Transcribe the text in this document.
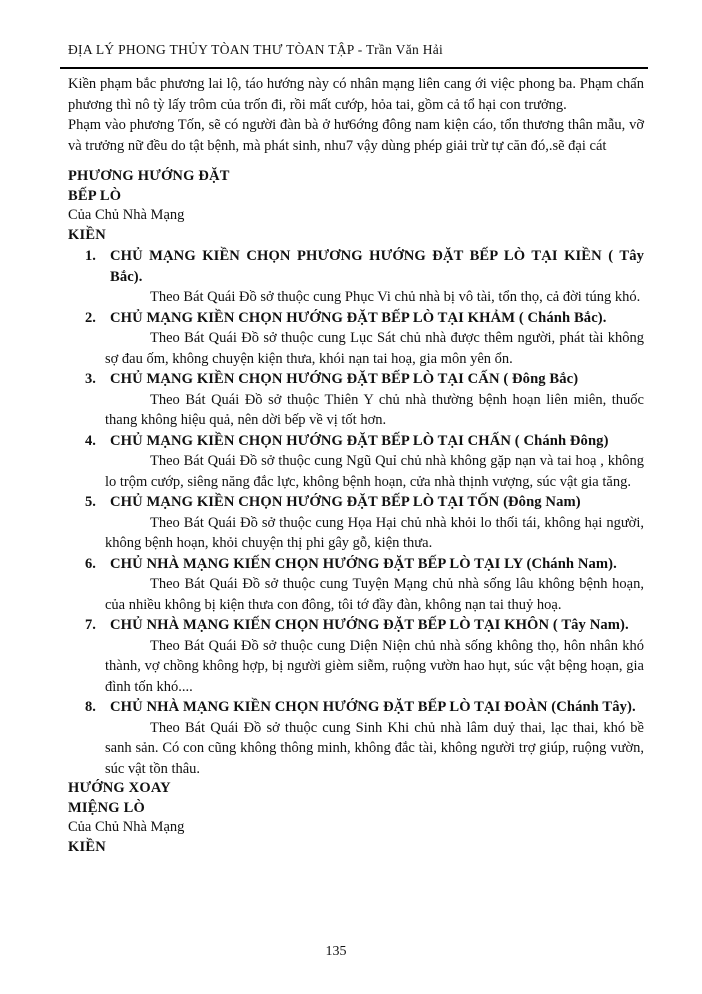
ĐỊA LÝ PHONG THỦY TÒAN THƯ TÒAN TẬP - Trần Văn Hải

Kiền phạm bắc phương lai lộ, táo hướng này có nhân mạng liên cang ới việc phong ba. Phạm chấn phương thì nô tỳ lấy trôm của trốn đi, rồi mất cướp, hỏa tai, gồm cả tổ hại con trưởng.

Phạm vào phương Tốn, sẽ có người đàn bà ở hư6ớng đông nam kiện cáo, tổn thương thân mẫu, vỡ và trưởng nữ đều do tật bệnh, mà phát sinh, nhu7 vậy dùng phép giải trừ tự căn đó,.sẽ đại cát

PHƯƠNG HƯỚNG ĐẶT
BẾP LÒ
Của Chủ Nhà Mạng
KIỀN
1. CHỦ MẠNG KIỀN CHỌN PHƯƠNG HƯỚNG ĐẶT BẾP LÒ TẠI KIỀN ( Tây Bắc).
Theo Bát Quái Đồ sở thuộc cung Phục Vi chủ nhà bị vô tài, tổn thọ, cả đời túng khó.
2. CHỦ MẠNG KIỀN CHỌN HƯỚNG ĐẶT BẾP LÒ TẠI KHẢM ( Chánh Bắc).
Theo Bát Quái Đồ sở thuộc cung Lục Sát chủ nhà được thêm người, phát tài không sợ đau ốm, không chuyện kiện thưa, khói nạn tai hoạ, gia môn yên ổn.
3. CHỦ MẠNG KIỀN CHỌN HƯỚNG ĐẶT BẾP LÒ TẠI CẤN ( Đông Bắc)
Theo Bát Quái Đồ sở thuộc Thiên Y chủ nhà thường bệnh hoạn liên miên, thuốc thang không hiệu quả, nên dời bếp về vị tốt hơn.
4. CHỦ MẠNG KIỀN CHỌN HƯỚNG ĐẶT BẾP LÒ TẠI CHẤN ( Chánh Đông)
Theo Bát Quái Đồ sở thuộc cung Ngũ Quỉ chủ nhà không gặp nạn và tai hoạ , không lo trộm cướp, siêng năng đắc lực, không bệnh hoạn, cửa nhà thịnh vượng, súc vật gia tăng.
5. CHỦ MẠNG KIỀN CHỌN HƯỚNG ĐẶT BẾP LÒ TẠI TỐN (Đông Nam)
Theo Bát Quái Đồ sở thuộc cung Họa Hại chủ nhà khỏi lo thối tái, không hại người, không bệnh hoạn, khỏi chuyện thị phi gây gỗ, kiện thưa.
6. CHỦ NHÀ MẠNG KIẾN CHỌN HƯỚNG ĐẶT BẾP LÒ TẠI LY (Chánh Nam).
Theo Bát Quái Đồ sở thuộc cung Tuyện Mạng chủ nhà sống lâu không bệnh hoạn, của nhiều không bị kiện thưa con đông, tôi tớ đầy đàn, không nạn tai thuỷ hoạ.
7. CHỦ NHÀ MẠNG KIẾN CHỌN HƯỚNG ĐẶT BẾP LÒ TẠI KHÔN ( Tây Nam).
Theo Bát Quái Đồ sở thuộc cung Diện Niện chủ nhà sống không thọ, hôn nhân khó thành, vợ chồng không hợp, bị người gièm siễm, ruộng vườn hao hụt, súc vật bệng hoạn, gia đình tốn khó....
8. CHỦ NHÀ MẠNG KIỀN CHỌN HƯỚNG ĐẶT BẾP LÒ TẠI ĐOÀN (Chánh Tây).
Theo Bát Quái Đồ sở thuộc cung Sinh Khi chủ nhà lâm duỷ thai, lạc thai, khó bề sanh sản. Có con cũng không thông minh, không đắc tài, không người trợ giúp, ruộng vườn, súc vật tồn thâu.
HƯỚNG XOAY
MIỆNG LÒ
Của Chủ Nhà Mạng
KIỀN
135
